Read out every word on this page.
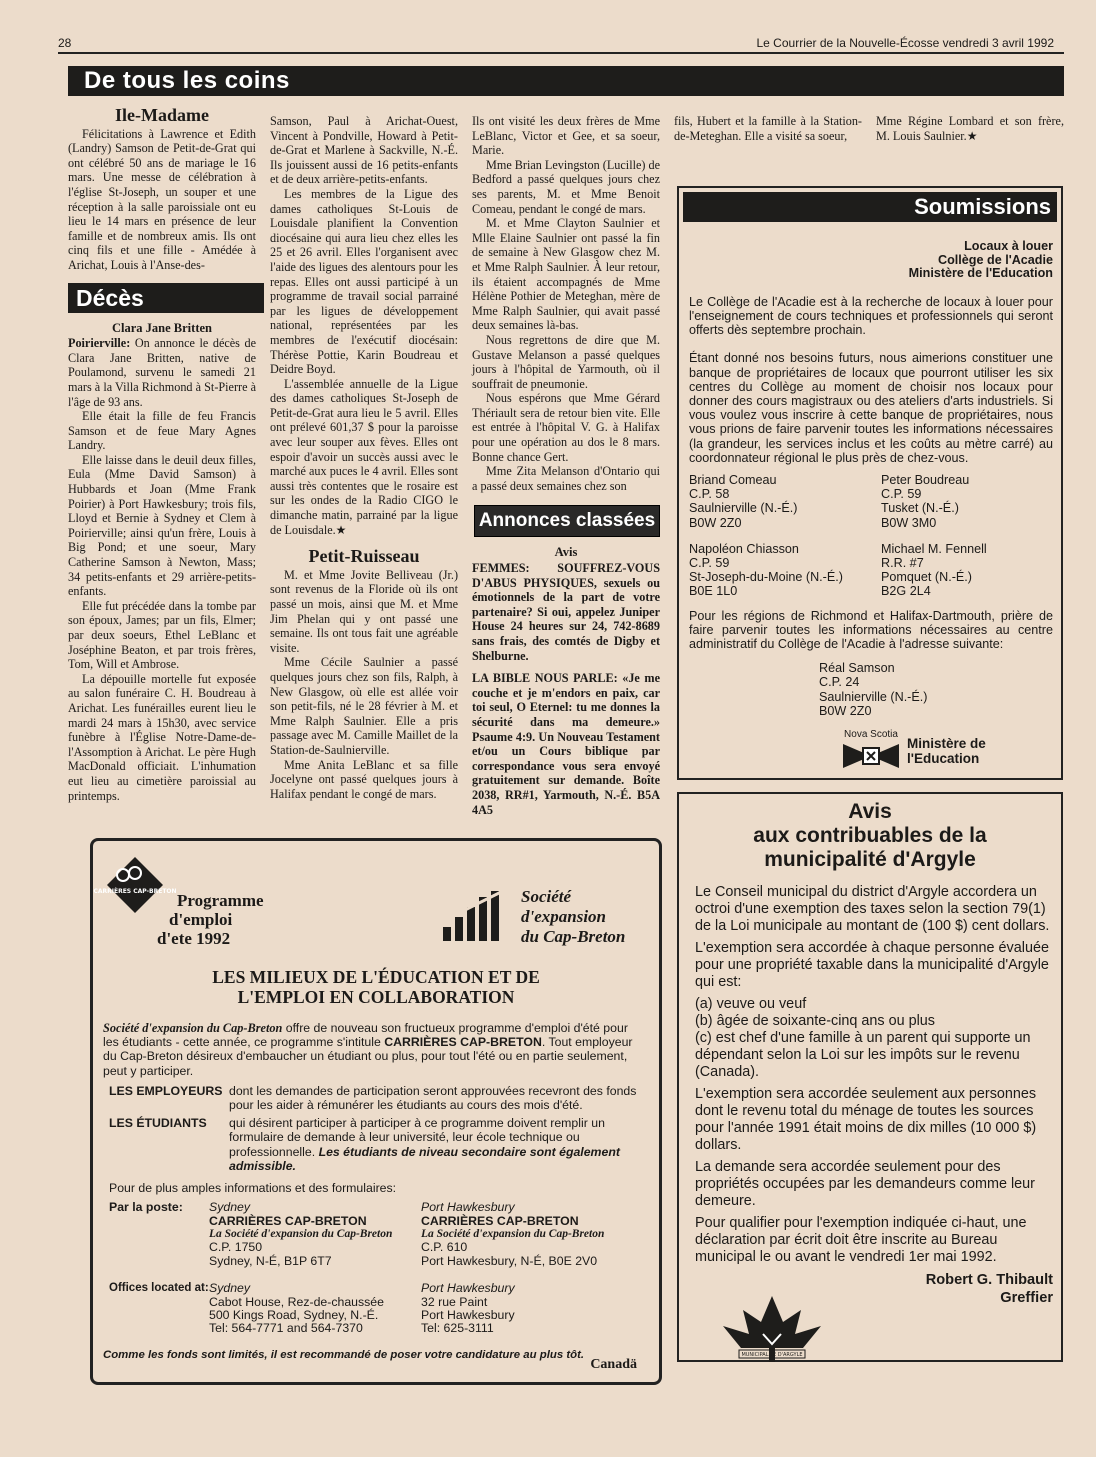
28	Le Courrier de la Nouvelle-Écosse vendredi 3 avril 1992
De tous les coins
Ile-Madame

Félicitations à Lawrence et Edith (Landry) Samson de Petit-de-Grat qui ont célébré 50 ans de mariage le 16 mars. Une messe de célébration à l'église St-Joseph, un souper et une réception à la salle paroissiale ont eu lieu le 14 mars en présence de leur famille et de nombreux amis. Ils ont cinq fils et une fille - Amédée à Arichat, Louis à l'Anse-des-

Décès
Clara Jane Britten

Poirierville: On annonce le décès de Clara Jane Britten, native de Poulamond, survenu le samedi 21 mars à la Villa Richmond à St-Pierre à l'âge de 93 ans.

Elle était la fille de feu Francis Samson et de feue Mary Agnes Landry.

Elle laisse dans le deuil deux filles, Eula (Mme David Samson) à Hubbards et Joan (Mme Frank Poirier) à Port Hawkesbury; trois fils, Lloyd et Bernie à Sydney et Clem à Poirierville; ainsi qu'un frère, Louis à Big Pond; et une soeur, Mary Catherine Samson à Newton, Mass; 34 petits-enfants et 29 arrière-petits-enfants.

Elle fut précédée dans la tombe par son époux, James; par un fils, Elmer; par deux soeurs, Ethel LeBlanc et Joséphine Beaton, et par trois frères, Tom, Will et Ambrose.

La dépouille mortelle fut exposée au salon funéraire C. H. Boudreau à Arichat. Les funérailles eurent lieu le mardi 24 mars à 15h30, avec service funèbre à l'Église Notre-Dame-de-l'Assomption à Arichat. Le père Hugh MacDonald officiait. L'inhumation eut lieu au cimetière paroissial au printemps.

Samson, Paul à Arichat-Ouest, Vincent à Pondville, Howard à Petit-de-Grat et Marlene à Sackville, N.-É. Ils jouissent aussi de 16 petits-enfants et de deux arrière-petits-enfants.

Les membres de la Ligue des dames catholiques St-Louis de Louisdale planifient la Convention diocésaine qui aura lieu chez elles les 25 et 26 avril. Elles l'organisent avec l'aide des ligues des alentours pour les repas. Elles ont aussi participé à un programme de travail social parrainé par les ligues de développement national, représentées par les membres de l'exécutif diocésain: Thérèse Pottie, Karin Boudreau et Deidre Boyd.

L'assemblée annuelle de la Ligue des dames catholiques St-Joseph de Petit-de-Grat aura lieu le 5 avril. Elles ont prélevé 601,37 $ pour la paroisse avec leur souper aux fèves. Elles ont espoir d'avoir un succès aussi avec le marché aux puces le 4 avril. Elles sont aussi très contentes que le rosaire est sur les ondes de la Radio CIGO le dimanche matin, parrainé par la ligue de Louisdale.★

Petit-Ruisseau

M. et Mme Jovite Belliveau (Jr.) sont revenus de la Floride où ils ont passé un mois, ainsi que M. et Mme Jim Phelan qui y ont passé une semaine. Ils ont tous fait une agréable visite.

Mme Cécile Saulnier a passé quelques jours chez son fils, Ralph, à New Glasgow, où elle est allée voir son petit-fils, né le 28 février à M. et Mme Ralph Saulnier. Elle a pris passage avec M. Camille Maillet de la Station-de-Saulnierville.

Mme Anita LeBlanc et sa fille Jocelyne ont passé quelques jours à Halifax pendant le congé de mars.

Ils ont visité les deux frères de Mme LeBlanc, Victor et Gee, et sa soeur, Marie.

Mme Brian Levingston (Lucille) de Bedford a passé quelques jours chez ses parents, M. et Mme Benoit Comeau, pendant le congé de mars.

M. et Mme Clayton Saulnier et Mlle Elaine Saulnier ont passé la fin de semaine à New Glasgow chez M. et Mme Ralph Saulnier. À leur retour, ils étaient accompagnés de Mme Hélène Pothier de Meteghan, mère de Mme Ralph Saulnier, qui avait passé deux semaines là-bas.

Nous regrettons de dire que M. Gustave Melanson a passé quelques jours à l'hôpital de Yarmouth, où il souffrait de pneumonie.

Nous espérons que Mme Gérard Thériault sera de retour bien vite. Elle est entrée à l'hôpital V. G. à Halifax pour une opération au dos le 8 mars. Bonne chance Gert.

Mme Zita Melanson d'Ontario qui a passé deux semaines chez son

Annonces classées
Avis

FEMMES: SOUFFREZ-VOUS D'ABUS PHYSIQUES, sexuels ou émotionnels de la part de votre partenaire? Si oui, appelez Juniper House 24 heures sur 24, 742-8689 sans frais, des comtés de Digby et Shelburne.

LA BIBLE NOUS PARLE: «Je me couche et je m'endors en paix, car toi seul, O Eternel: tu me donnes la sécurité dans ma demeure.» Psaume 4:9. Un Nouveau Testament et/ou un Cours biblique par correspondance vous sera envoyé gratuitement sur demande. Boîte 2038, RR#1, Yarmouth, N.-É. B5A 4A5

fils, Hubert et la famille à la Station-de-Meteghan. Elle a visité sa soeur,

Mme Régine Lombard et son frère, M. Louis Saulnier.★

Soumissions
Locaux à louer
Collège de l'Acadie
Ministère de l'Education
Le Collège de l'Acadie est à la recherche de locaux à louer pour l'enseignement de cours techniques et professionnels qui seront offerts dès septembre prochain.
Étant donné nos besoins futurs, nous aimerions constituer une banque de propriétaires de locaux que pourront utiliser les six centres du Collège au moment de choisir nos locaux pour donner des cours magistraux ou des ateliers d'arts industriels. Si vous voulez vous inscrire à cette banque de propriétaires, nous vous prions de faire parvenir toutes les informations nécessaires (la grandeur, les services inclus et les coûts au mètre carré) au coordonnateur régional le plus près de chez-vous.
Briand Comeau
C.P. 58
Saulnierville (N.-É.)
B0W 2Z0
Peter Boudreau
C.P. 59
Tusket (N.-É.)
B0W 3M0
Napoléon Chiasson
C.P. 59
St-Joseph-du-Moine (N.-É.)
B0E 1L0
Michael M. Fennell
R.R. #7
Pomquet (N.-É.)
B2G 2L4
Pour les régions de Richmond et Halifax-Dartmouth, prière de faire parvenir toutes les informations nécessaires au centre administratif du Collège de l'Acadie à l'adresse suivante:
Réal Samson
C.P. 24
Saulnierville (N.-É.)
B0W 2Z0
Nova Scotia
Ministère de
l'Education
Avis
aux contribuables de la
municipalité d'Argyle

Le Conseil municipal du district d'Argyle accordera un octroi d'une exemption des taxes selon la section 79(1) de la Loi municipale au montant de (100 $) cent dollars.

L'exemption sera accordée à chaque personne évaluée pour une propriété taxable dans la municipalité d'Argyle qui est:

(a) veuve ou veuf

(b) âgée de soixante-cinq ans ou plus

(c) est chef d'une famille à un parent qui supporte un dépendant selon la Loi sur les impôts sur le revenu (Canada).

L'exemption sera accordée seulement aux personnes dont le revenu total du ménage de toutes les sources pour l'année 1991 était moins de dix milles (10 000 $) dollars.

La demande sera accordée seulement pour des propriétés occupées par les demandeurs comme leur demeure.

Pour qualifier pour l'exemption indiquée ci-haut, une déclaration par écrit doit être inscrite au Bureau municipal le ou avant le vendredi 1er mai 1992.

Robert G. Thibault
Greffier
MUNICIPALITÉ D'ARGYLE
CARRIÈRES CAP-BRETON Programme
d'emploi
d'ete 1992
Société
d'expansion
du Cap-Breton
LES MILIEUX DE L'ÉDUCATION ET DE
L'EMPLOI EN COLLABORATION
Société d'expansion du Cap-Breton offre de nouveau son fructueux programme d'emploi d'été pour les étudiants - cette année, ce programme s'intitule CARRIÈRES CAP-BRETON. Tout employeur du Cap-Breton désireux d'embaucher un étudiant ou plus, pour tout l'été ou en partie seulement, peut y participer.
LES EMPLOYEURS dont les demandes de participation seront approuvées recevront des fonds pour les aider à rémunérer les étudiants au cours des mois d'été.
LES ÉTUDIANTS	qui désirent participer à participer à ce programme doivent remplir un formulaire de demande à leur université, leur école technique ou professionnelle. Les étudiants de niveau secondaire sont également admissible.
Pour de plus amples informations et des formulaires:
Par la poste:	Sydney
CARRIÈRES CAP-BRETON
La Société d'expansion du Cap-Breton
C.P. 1750
Sydney, N-É, B1P 6T7
Port Hawkesbury
CARRIÈRES CAP-BRETON
La Société d'expansion du Cap-Breton
C.P. 610
Port Hawkesbury, N-É, B0E 2V0
Offices located at: Sydney
Cabot House, Rez-de-chaussée
500 Kings Road, Sydney, N.-É.
Tel: 564-7771 and 564-7370
Port Hawkesbury
32 rue Paint
Port Hawkesbury
Tel: 625-3111
Comme les fonds sont limités, il est recommandé de poser votre candidature au plus tôt.
Canadä
